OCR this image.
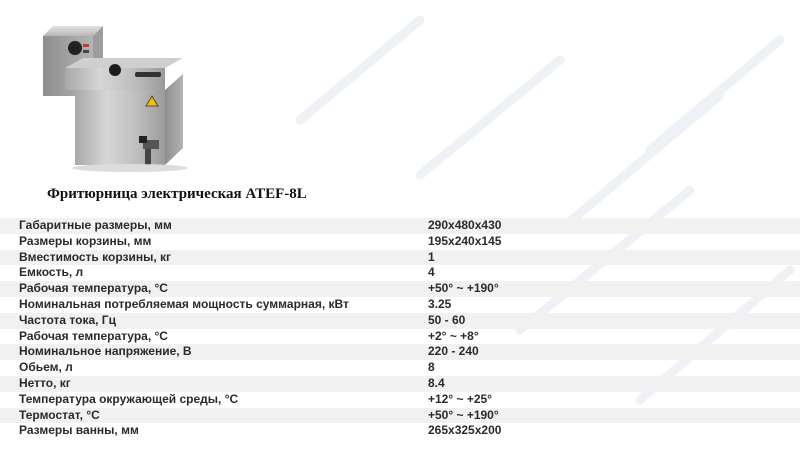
Фритюрница электрическая ATEF-8L
Габаритные размеры, мм	290x480x430
Размеры корзины, мм	195x240x145
Вместимость корзины, кг	1
Емкость, л	4
Рабочая температура, °С	+50° ~ +190°
Номинальная потребляемая мощность суммарная, кВт	3.25
Частота тока, Гц	50 - 60
Рабочая температура, °С	+2° ~ +8°
Номинальное напряжение, В	220 - 240
Обьем, л	8
Нетто, кг	8.4
Температура окружающей среды, °С	+12° ~ +25°
Термостат, °С	+50° ~ +190°
Размеры ванны, мм	265x325x200
